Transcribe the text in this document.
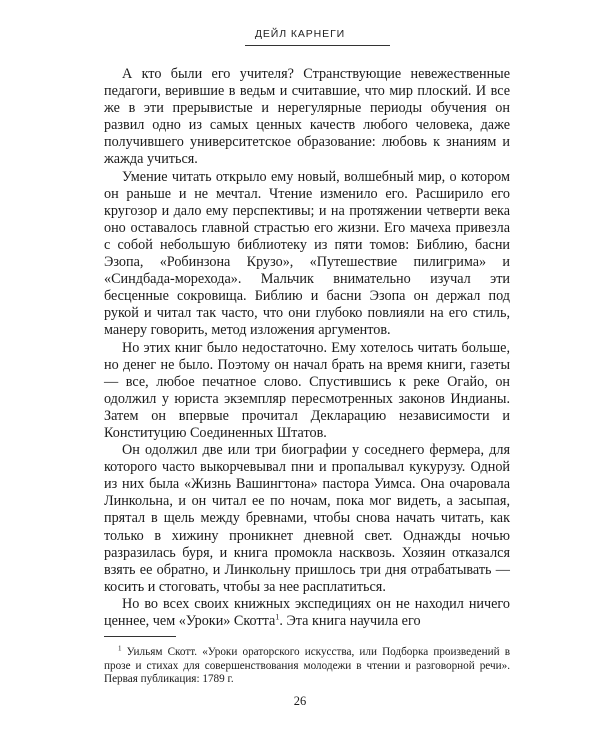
ДЕЙЛ КАРНЕГИ

А кто были его учителя? Странствующие невежественные педагоги, верившие в ведьм и считавшие, что мир плоский. И все же в эти прерывистые и нерегулярные периоды обучения он развил одно из самых ценных качеств любого человека, даже получившего университетское образование: любовь к знаниям и жажда учиться.

Умение читать открыло ему новый, волшебный мир, о котором он раньше и не мечтал. Чтение изменило его. Расширило его кругозор и дало ему перспективы; и на протяжении четверти века оно оставалось главной страстью его жизни. Его мачеха привезла с собой небольшую библиотеку из пяти томов: Библию, басни Эзопа, «Робинзона Крузо», «Путешествие пилигрима» и «Синдбада-морехода». Мальчик внимательно изучал эти бесценные сокровища. Библию и басни Эзопа он держал под рукой и читал так часто, что они глубоко повлияли на его стиль, манеру говорить, метод изложения аргументов.

Но этих книг было недостаточно. Ему хотелось читать больше, но денег не было. Поэтому он начал брать на время книги, газеты — все, любое печатное слово. Спустившись к реке Огайо, он одолжил у юриста экземпляр пересмотренных законов Индианы. Затем он впервые прочитал Декларацию независимости и Конституцию Соединенных Штатов.

Он одолжил две или три биографии у соседнего фермера, для которого часто выкорчевывал пни и пропалывал кукурузу. Одной из них была «Жизнь Вашингтона» пастора Уимса. Она очаровала Линкольна, и он читал ее по ночам, пока мог видеть, а засыпая, прятал в щель между бревнами, чтобы снова начать читать, как только в хижину проникнет дневной свет. Однажды ночью разразилась буря, и книга промокла насквозь. Хозяин отказался взять ее обратно, и Линкольну пришлось три дня отрабатывать — косить и стоговать, чтобы за нее расплатиться.

Но во всех своих книжных экспедициях он не находил ничего ценнее, чем «Уроки» Скотта$^1$. Эта книга научила его

$^1$ Уильям Скотт. «Уроки ораторского искусства, или Подборка произведений в прозе и стихах для совершенствования молодежи в чтении и разговорной речи». Первая публикация: 1789 г.
26
